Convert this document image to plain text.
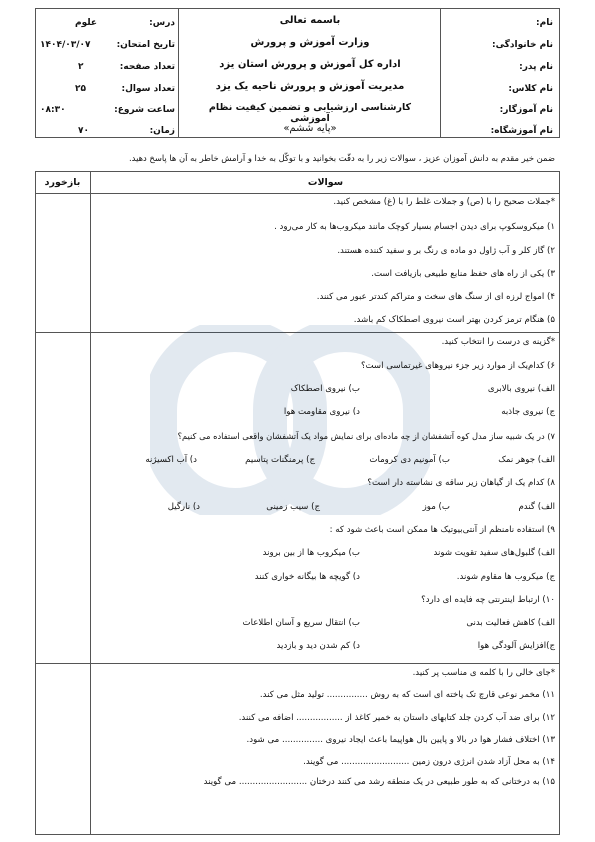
نام:
نام خانوادگی:
نام پدر:
نام کلاس:
نام آموزگار:
نام آموزشگاه:
باسمه تعالی
وزارت آموزش و پرورش
اداره کل آموزش و پرورش استان یزد
مدیریت آموزش و پرورش ناحیه یک یزد
کارشناسی ارزشیابی و تضمین کیفیت نظام آموزشی
«پایه ششم»
درس:
علوم
تاریخ امتحان:
۱۴۰۴/۰۳/۰۷
تعداد صفحه:
۲
تعداد سوال:
۲۵
ساعت شروع:
۰۸:۳۰
زمان:
۷۰
ضمن خیر مقدم به دانش آموزان عزیز ، سوالات زیر را به دقّت بخوانید و با توکّل به خدا و آرامش خاطر به آن ها پاسخ دهید.
سوالات
بازخورد
*جملات صحیح را با (ص) و جملات غلط را با (غ) مشخص کنید.
۱) میکروسکوپ برای دیدن اجسام بسیار کوچک مانند میکروب‌ها به کار می‌رود .
۲) گاز کلر و آب ژاول دو ماده ی رنگ بر و سفید کننده هستند.
۳) یکی از راه های حفظ منابع طبیعی بازیافت است.
۴) امواج لرزه ای از سنگ های سخت و متراکم کندتر عبور می کنند.
۵) هنگام ترمز کردن بهتر است نیروی اصطکاک کم باشد.
*گزینه ی درست را انتخاب کنید.
۶) کدام‌یک از موارد زیر جزء نیروهای غیرتماسی است؟
الف) نیروی بالابری
ب) نیروی اصطکاک
ج) نیروی جاذبه
د) نیروی مقاومت هوا
۷) در یک شبیه ساز مدل کوه آتشفشان از چه ماده‌ای برای نمایش مواد یک آتشفشان واقعی استفاده می کنیم؟
الف) جوهر نمک
ب) آمونیم دی کرومات
ج) پرمنگنات پتاسیم
د) آب اکسیژنه
۸) کدام یک از گیاهان زیر ساقه ی نشاسته دار است؟
الف) گندم
ب) موز
ج) سیب زمینی
د) نارگیل
۹) استفاده نامنظم از آنتی‌بیوتیک ها ممکن است باعث شود که :
الف) گلبول‌های سفید تقویت شوند
ب) میکروب ها از بین بروند
ج) میکروب ها مقاوم شوند.
د) گویچه ها بیگانه خواری کنند
۱۰) ارتباط اینترنتی چه فایده ای دارد؟
الف) کاهش فعالیت بدنی
ب) انتقال سریع و آسان اطلاعات
ج)افزایش آلودگی هوا
د) کم شدن دید و بازدید
*جای خالی را با کلمه ی مناسب پر کنید.
۱۱) مخمر نوعی قارچ تک یاخته ای است که به روش ............... تولید مثل می کند.
۱۲) برای ضد آب کردن جلد کتابهای داستان به خمیر کاغذ از ................. اضافه می کنند.
۱۳) اختلاف فشار هوا در بالا و پایین بال هواپیما باعث ایجاد نیروی ............... می شود.
۱۴) به محل آزاد شدن انرژی درون زمین ......................... می گویند.
۱۵) به درختانی که به طور طبیعی در یک منطقه رشد می کنند درختان ......................... می گویند
